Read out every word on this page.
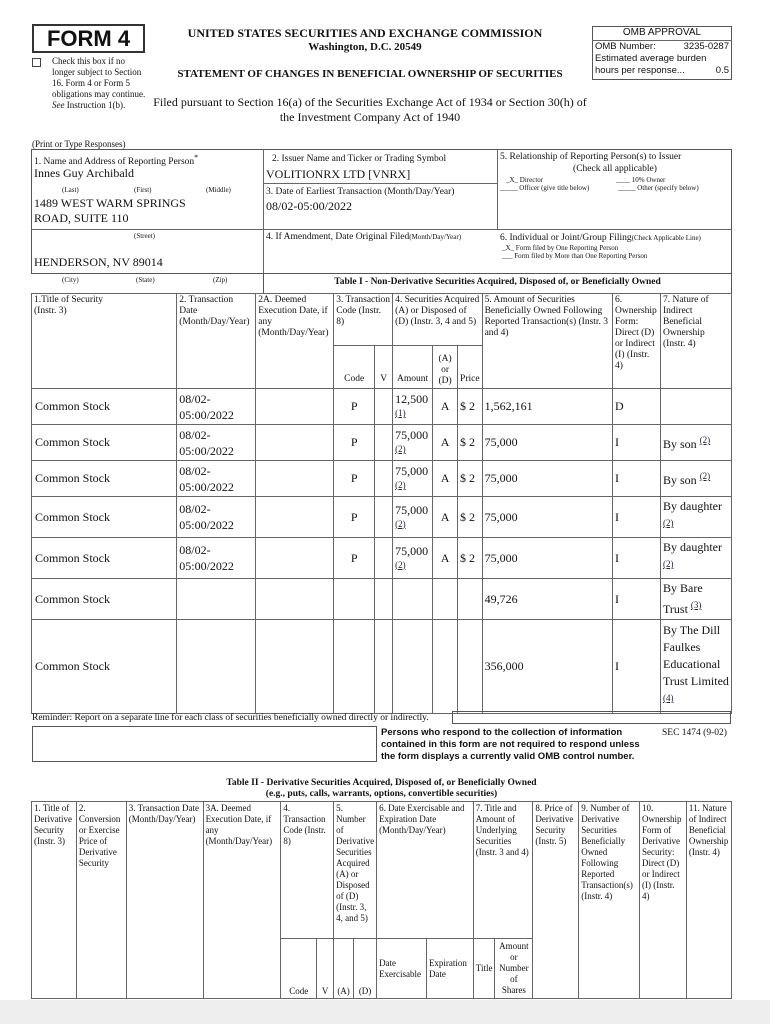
FORM 4
Check this box if no longer subject to Section 16. Form 4 or Form 5 obligations may continue. See Instruction 1(b).
UNITED STATES SECURITIES AND EXCHANGE COMMISSION
Washington, D.C. 20549
STATEMENT OF CHANGES IN BENEFICIAL OWNERSHIP OF SECURITIES
Filed pursuant to Section 16(a) of the Securities Exchange Act of 1934 or Section 30(h) of
the Investment Company Act of 1940
OMB APPROVAL
OMB Number:	3235-0287
Estimated average burden
hours per response...	0.5
(Print or Type Responses)
1. Name and Address of Reporting Person*
Innes Guy Archibald
(Last)	(First)	(Middle)
1489 WEST WARM SPRINGS
ROAD, SUITE 110
(Street)
HENDERSON, NV 89014
2. Issuer Name and Ticker or Trading Symbol
VOLITIONRX LTD [VNRX]
3. Date of Earliest Transaction (Month/Day/Year)
08/02-05:00/2022
4. If Amendment, Date Original Filed(Month/Day/Year)
5. Relationship of Reporting Person(s) to Issuer
(Check all applicable)
_X_ Director	____ 10% Owner
_____ Officer (give title below)	_____ Other (specify below)
6. Individual or Joint/Group Filing(Check Applicable Line)
_X_ Form filed by One Reporting Person
___ Form filed by More than One Reporting Person
(City)	(State)	(Zip)	Table I - Non-Derivative Securities Acquired, Disposed of, or Beneficially Owned
1.Title of Security
(Instr. 3)	2. Transaction Date (Month/Day/Year)	2A. Deemed Execution Date, if any (Month/Day/Year)	3. Transaction Code (Instr. 8)		4. Securities Acquired (A) or Disposed of (D) (Instr. 3, 4 and 5)			5. Amount of Securities Beneficially Owned Following Reported Transaction(s) (Instr. 3 and 4)	6. Ownership Form: Direct (D) or Indirect (I) (Instr. 4)	7. Nature of Indirect Beneficial Ownership (Instr. 4)
			Code	V	Amount	(A) or (D)	Price			
Common Stock	08/02-
05:00/2022		P		12,500
(1)	A	$ 2	1,562,161	D	
Common Stock	08/02-
05:00/2022		P		75,000
(2)	A	$ 2	75,000	I	By son $^{(2)}$
Common Stock	08/02-
05:00/2022		P		75,000
(2)	A	$ 2	75,000	I	By son $^{(2)}$
Common Stock	08/02-
05:00/2022		P		75,000
(2)	A	$ 2	75,000	I	By daughter $^{(2)}$
Common Stock	08/02-
05:00/2022		P		75,000
(2)	A	$ 2	75,000	I	By daughter $^{(2)}$
Common Stock								49,726	I	By Bare Trust $^{(3)}$
Common Stock								356,000	I	By The Dill Faulkes Educational Trust Limited $^{(4)}$
Reminder: Report on a separate line for each class of securities beneficially owned directly or indirectly.
Persons who respond to the collection of information contained in this form are not required to respond unless the form displays a currently valid OMB control number.
SEC 1474 (9-02)
Table II - Derivative Securities Acquired, Disposed of, or Beneficially Owned
(e.g., puts, calls, warrants, options, convertible securities)
1. Title of Derivative Security (Instr. 3)	2. Conversion or Exercise Price of Derivative Security	3. Transaction Date (Month/Day/Year)	3A. Deemed Execution Date, if any (Month/Day/Year)	4. Transaction Code (Instr. 8)		5. Number of Derivative Securities Acquired (A) or Disposed of (D) (Instr. 3, 4, and 5)		6. Date Exercisable and Expiration Date (Month/Day/Year)		7. Title and Amount of Underlying Securities (Instr. 3 and 4)		8. Price of Derivative Security (Instr. 5)	9. Number of Derivative Securities Beneficially Owned Following Reported Transaction(s) (Instr. 4)	10. Ownership Form of Derivative Security: Direct (D) or Indirect (I) (Instr. 4)	11. Nature of Indirect Beneficial Ownership (Instr. 4)
				Code	V	(A)	(D)	Date Exercisable	Expiration Date	Title	Amount or Number of Shares				
